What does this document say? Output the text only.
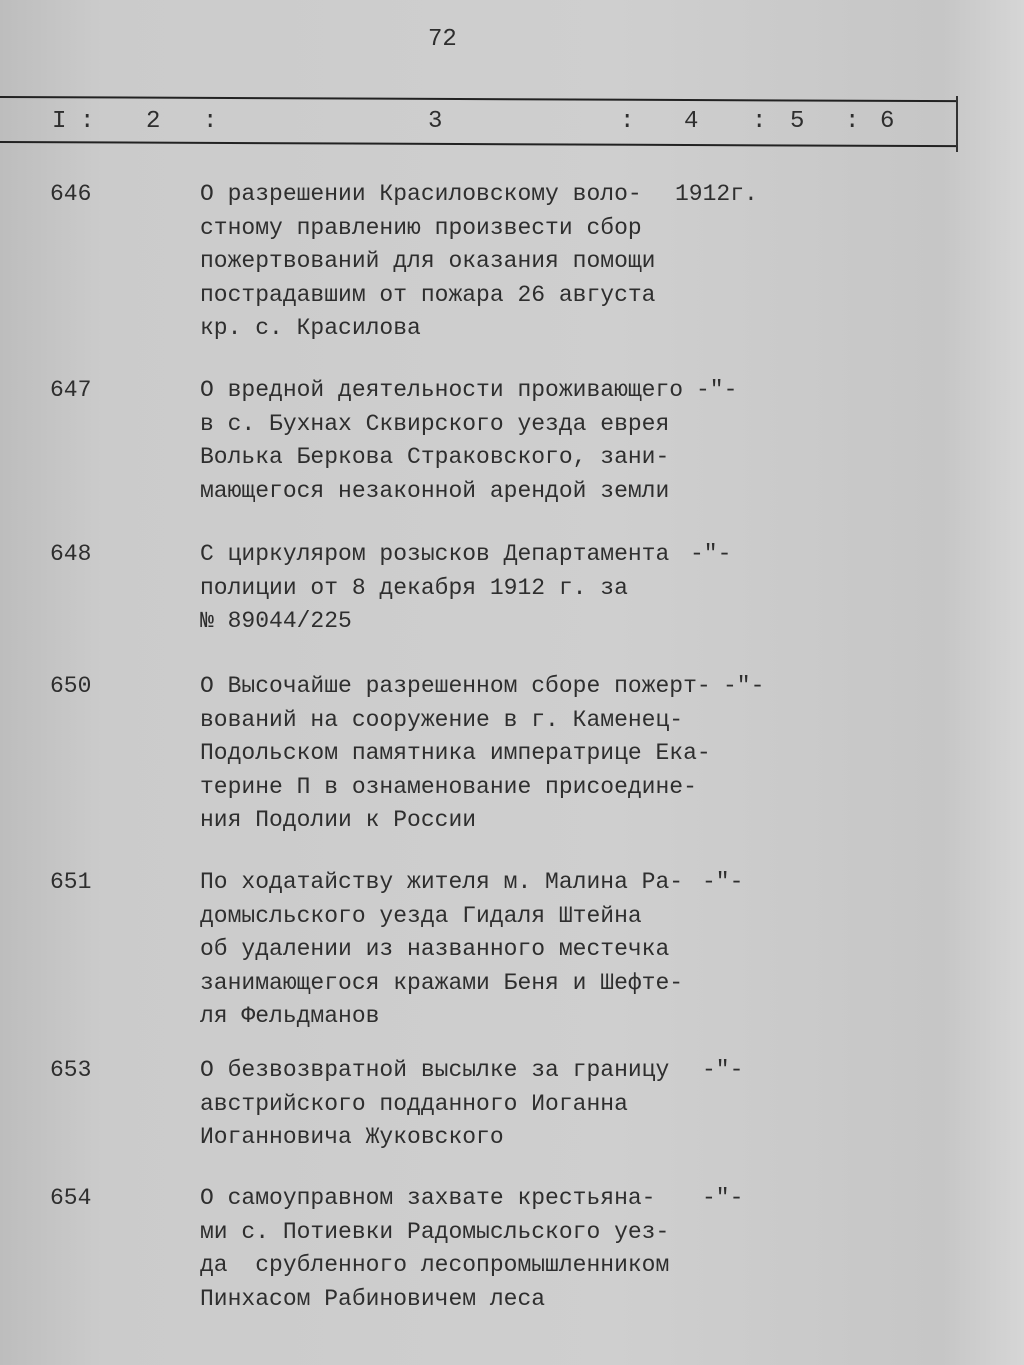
72
I : 2 :	3	: 4 : 5 : 6
646	О разрешении Красиловскому воло-
стному правлению произвести сбор
пожертвований для оказания помощи
пострадавшим от пожара 26 августа
кр. с. Красилова
1912г.
647	О вредной деятельности проживающего
в с. Бухнах Сквирского уезда еврея
Волька Беркова Страковского, зани-
мающегося незаконной арендой земли
-"-
648	С циркуляром розысков Департамента
полиции от 8 декабря 1912 г. за
№ 89044/225
-"-
650	О Высочайше разрешенном сборе пожерт-
вований на сооружение в г. Каменец-
Подольском памятника императрице Ека-
терине П в ознаменование присоедине-
ния Подолии к России
-"-
651	По ходатайству жителя м. Малина Ра-
домысльского уезда Гидаля Штейна
об удалении из названного местечка
занимающегося кражами Беня и Шефте-
ля Фельдманов
-"-
653	О безвозвратной высылке за границу
австрийского подданного Иоганна
Иоганновича Жуковского
-"-
654	О самоуправном захвате крестьяна-
ми с. Потиевки Радомысльского уез-
да  срубленного лесопромышленником
Пинхасом Рабиновичем леса
-"-
